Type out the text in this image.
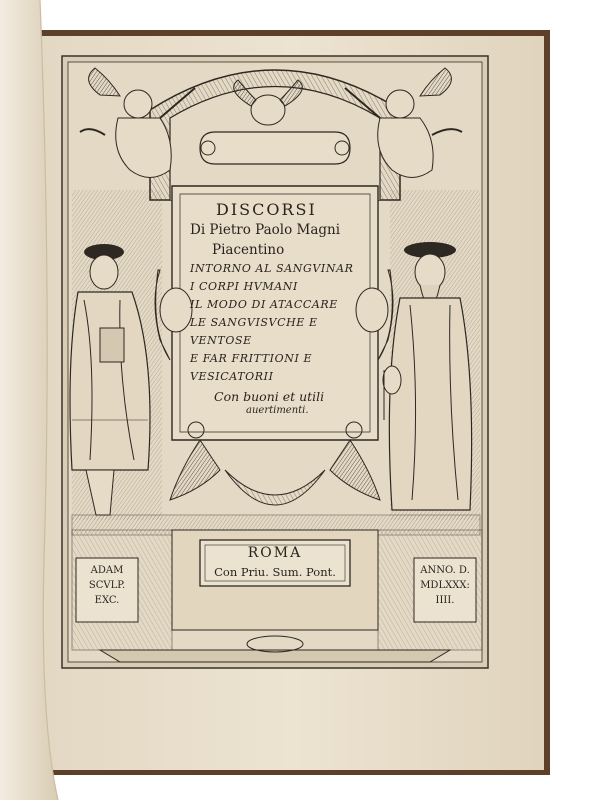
DISCORSI
Di Pietro Paolo Magni
Piacentino
INTORNO AL SANGVINAR
I CORPI HVMANI
IL MODO DI ATACCARE
LE SANGVISVCHE E
VENTOSE
E FAR FRITTIONI E
VESICATORII
Con buoni et utili
auertimenti.
ROMA
Con Priu. Sum. Pont.
ADAM
SCVLP.
EXC.
ANNO. D.
MDLXXX:
IIII.
